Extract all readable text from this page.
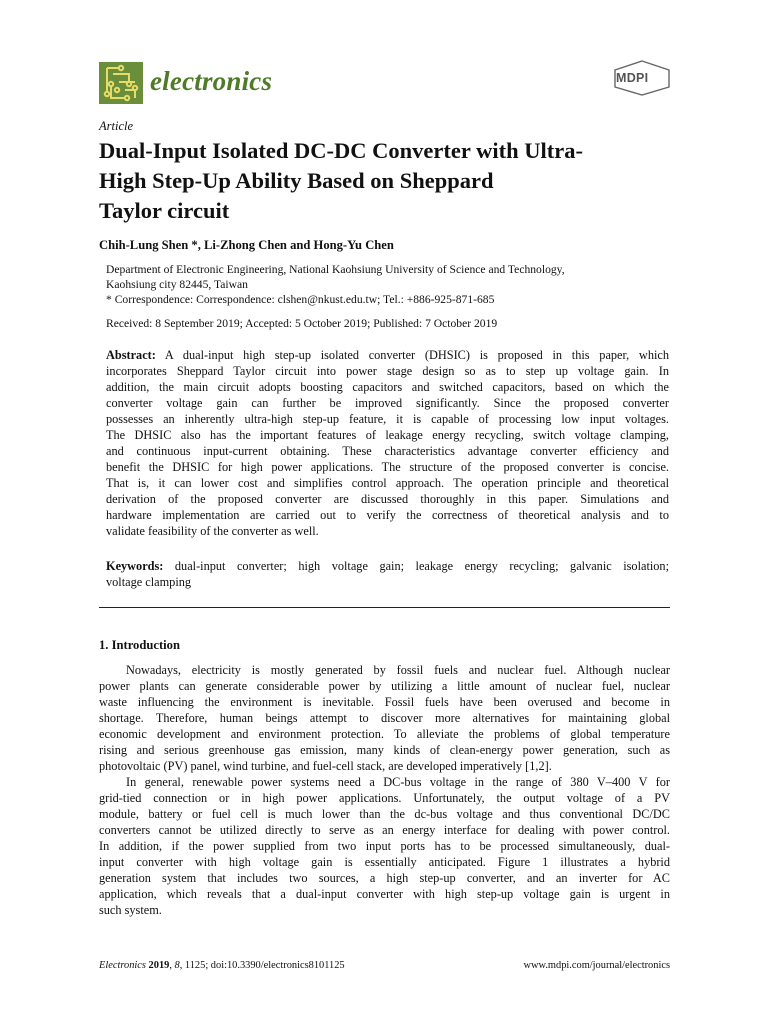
electronics	MDPI
Article
Dual-Input Isolated DC-DC Converter with Ultra-
High Step-Up Ability Based on Sheppard
Taylor circuit
Chih-Lung Shen *, Li-Zhong Chen and Hong-Yu Chen
Department of Electronic Engineering, National Kaohsiung University of Science and Technology,
Kaohsiung city 82445, Taiwan
* Correspondence: Correspondence: clshen@nkust.edu.tw; Tel.: +886-925-871-685
Received: 8 September 2019; Accepted: 5 October 2019; Published: 7 October 2019
Abstract: A dual-input high step-up isolated converter (DHSIC) is proposed in this paper, which
incorporates Sheppard Taylor circuit into power stage design so as to step up voltage gain. In
addition, the main circuit adopts boosting capacitors and switched capacitors, based on which the
converter voltage gain can further be improved significantly. Since the proposed converter
possesses an inherently ultra-high step-up feature, it is capable of processing low input voltages.
The DHSIC also has the important features of leakage energy recycling, switch voltage clamping,
and continuous input-current obtaining. These characteristics advantage converter efficiency and
benefit the DHSIC for high power applications. The structure of the proposed converter is concise.
That is, it can lower cost and simplifies control approach. The operation principle and theoretical
derivation of the proposed converter are discussed thoroughly in this paper. Simulations and
hardware implementation are carried out to verify the correctness of theoretical analysis and to
validate feasibility of the converter as well.
Keywords: dual-input converter; high voltage gain; leakage energy recycling; galvanic isolation;
voltage clamping
1. Introduction
Nowadays, electricity is mostly generated by fossil fuels and nuclear fuel. Although nuclear
power plants can generate considerable power by utilizing a little amount of nuclear fuel, nuclear
waste influencing the environment is inevitable. Fossil fuels have been overused and become in
shortage. Therefore, human beings attempt to discover more alternatives for maintaining global
economic development and environment protection. To alleviate the problems of global temperature
rising and serious greenhouse gas emission, many kinds of clean-energy power generation, such as
photovoltaic (PV) panel, wind turbine, and fuel-cell stack, are developed imperatively [1,2].
In general, renewable power systems need a DC-bus voltage in the range of 380 V–400 V for
grid-tied connection or in high power applications. Unfortunately, the output voltage of a PV
module, battery or fuel cell is much lower than the dc-bus voltage and thus conventional DC/DC
converters cannot be utilized directly to serve as an energy interface for dealing with power control.
In addition, if the power supplied from two input ports has to be processed simultaneously, dual-
input converter with high voltage gain is essentially anticipated. Figure 1 illustrates a hybrid
generation system that includes two sources, a high step-up converter, and an inverter for AC
application, which reveals that a dual-input converter with high step-up voltage gain is urgent in
such system.
Electronics 2019, 8, 1125; doi:10.3390/electronics8101125	www.mdpi.com/journal/electronics
